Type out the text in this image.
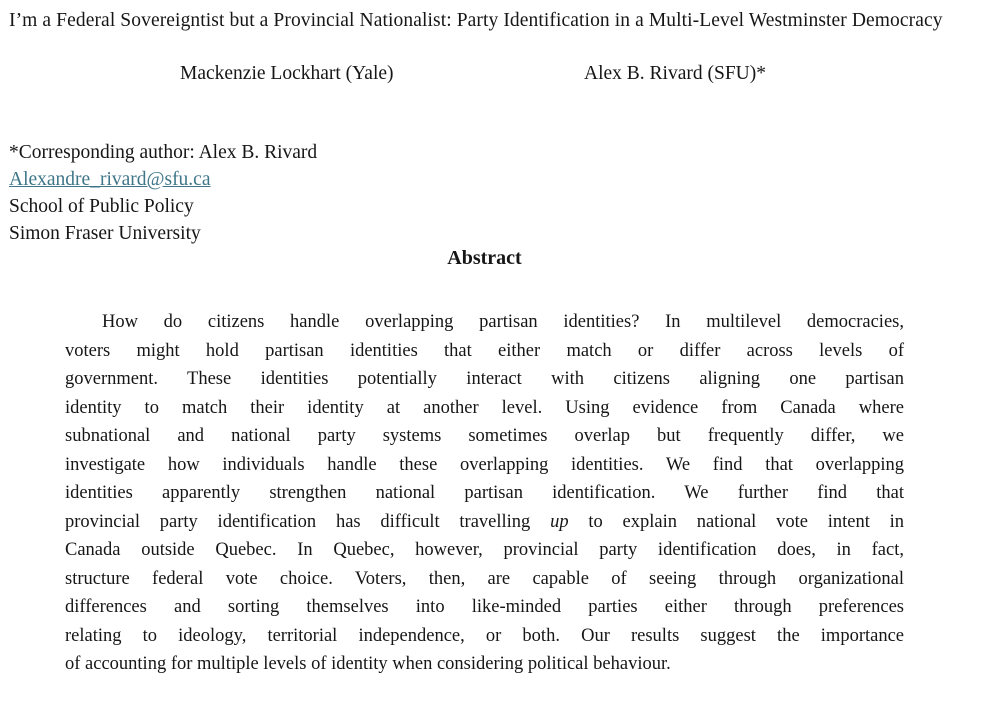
I’m a Federal Sovereigntist but a Provincial Nationalist: Party Identification in a Multi-Level Westminster Democracy
Mackenzie Lockhart (Yale)	Alex B. Rivard (SFU)*
*Corresponding author: Alex B. Rivard
Alexandre_rivard@sfu.ca
School of Public Policy
Simon Fraser University
Abstract
How do citizens handle overlapping partisan identities? In multilevel democracies,
voters might hold partisan identities that either match or differ across levels of
government. These identities potentially interact with citizens aligning one partisan
identity to match their identity at another level. Using evidence from Canada where
subnational and national party systems sometimes overlap but frequently differ, we
investigate how individuals handle these overlapping identities. We find that overlapping
identities apparently strengthen national partisan identification. We further find that
provincial party identification has difficult travelling up to explain national vote intent in
Canada outside Quebec. In Quebec, however, provincial party identification does, in fact,
structure federal vote choice. Voters, then, are capable of seeing through organizational
differences and sorting themselves into like-minded parties either through preferences
relating to ideology, territorial independence, or both. Our results suggest the importance
of accounting for multiple levels of identity when considering political behaviour.
